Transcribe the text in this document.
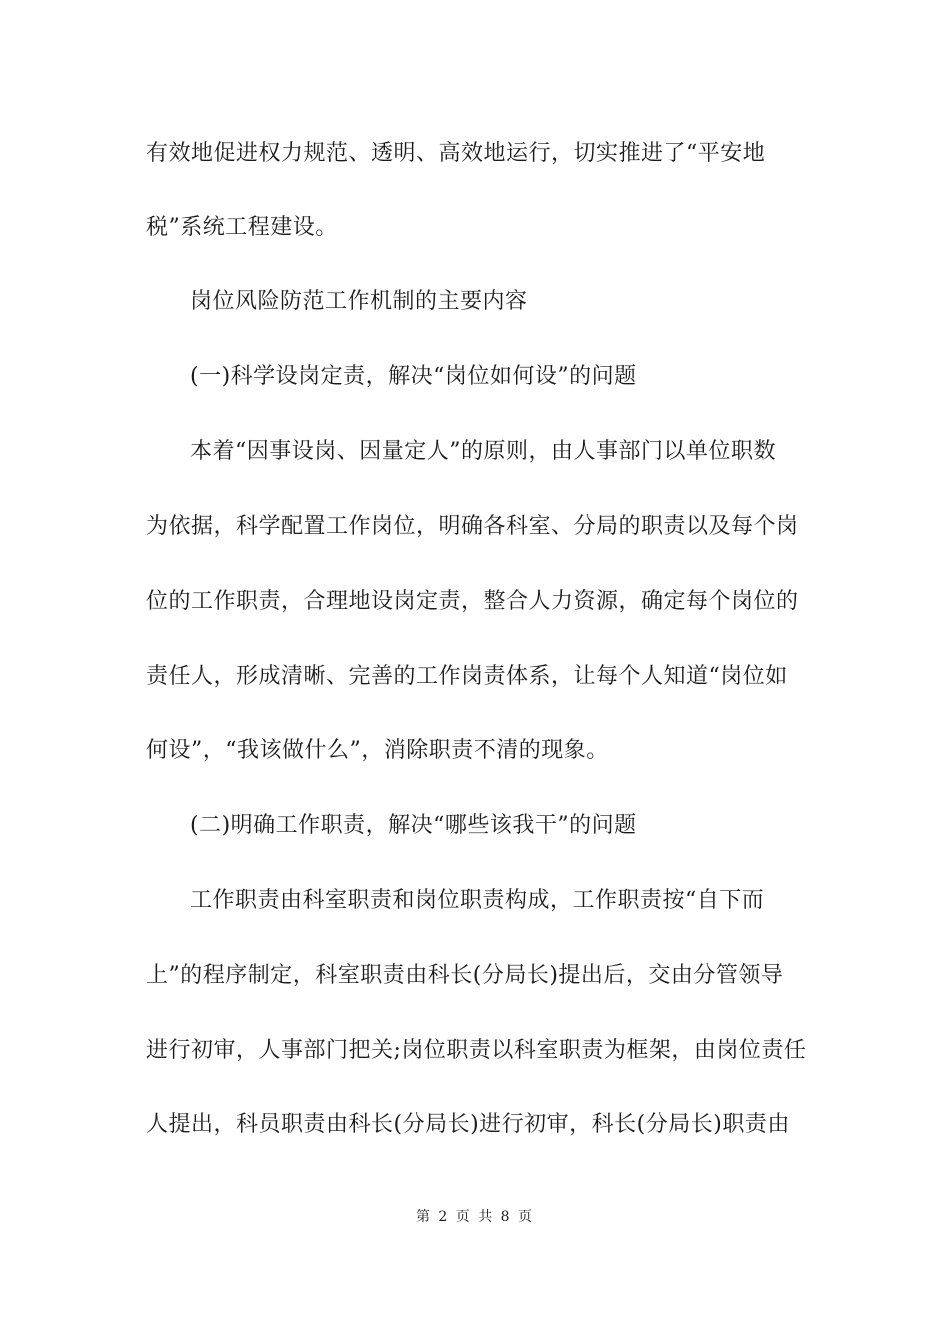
有效地促进权力规范、透明、高效地运行，切实推进了“平安地
税”系统工程建设。
岗位风险防范工作机制的主要内容
(一)科学设岗定责，解决“岗位如何设”的问题
本着“因事设岗、因量定人”的原则，由人事部门以单位职数
为依据，科学配置工作岗位，明确各科室、分局的职责以及每个岗
位的工作职责，合理地设岗定责，整合人力资源，确定每个岗位的
责任人，形成清晰、完善的工作岗责体系，让每个人知道“岗位如
何设”，“我该做什么”，消除职责不清的现象。
(二)明确工作职责，解决“哪些该我干”的问题
工作职责由科室职责和岗位职责构成，工作职责按“自下而
上”的程序制定，科室职责由科长(分局长)提出后，交由分管领导
进行初审，人事部门把关;岗位职责以科室职责为框架，由岗位责任
人提出，科员职责由科长(分局长)进行初审，科长(分局长)职责由
第 2 页 共 8 页
